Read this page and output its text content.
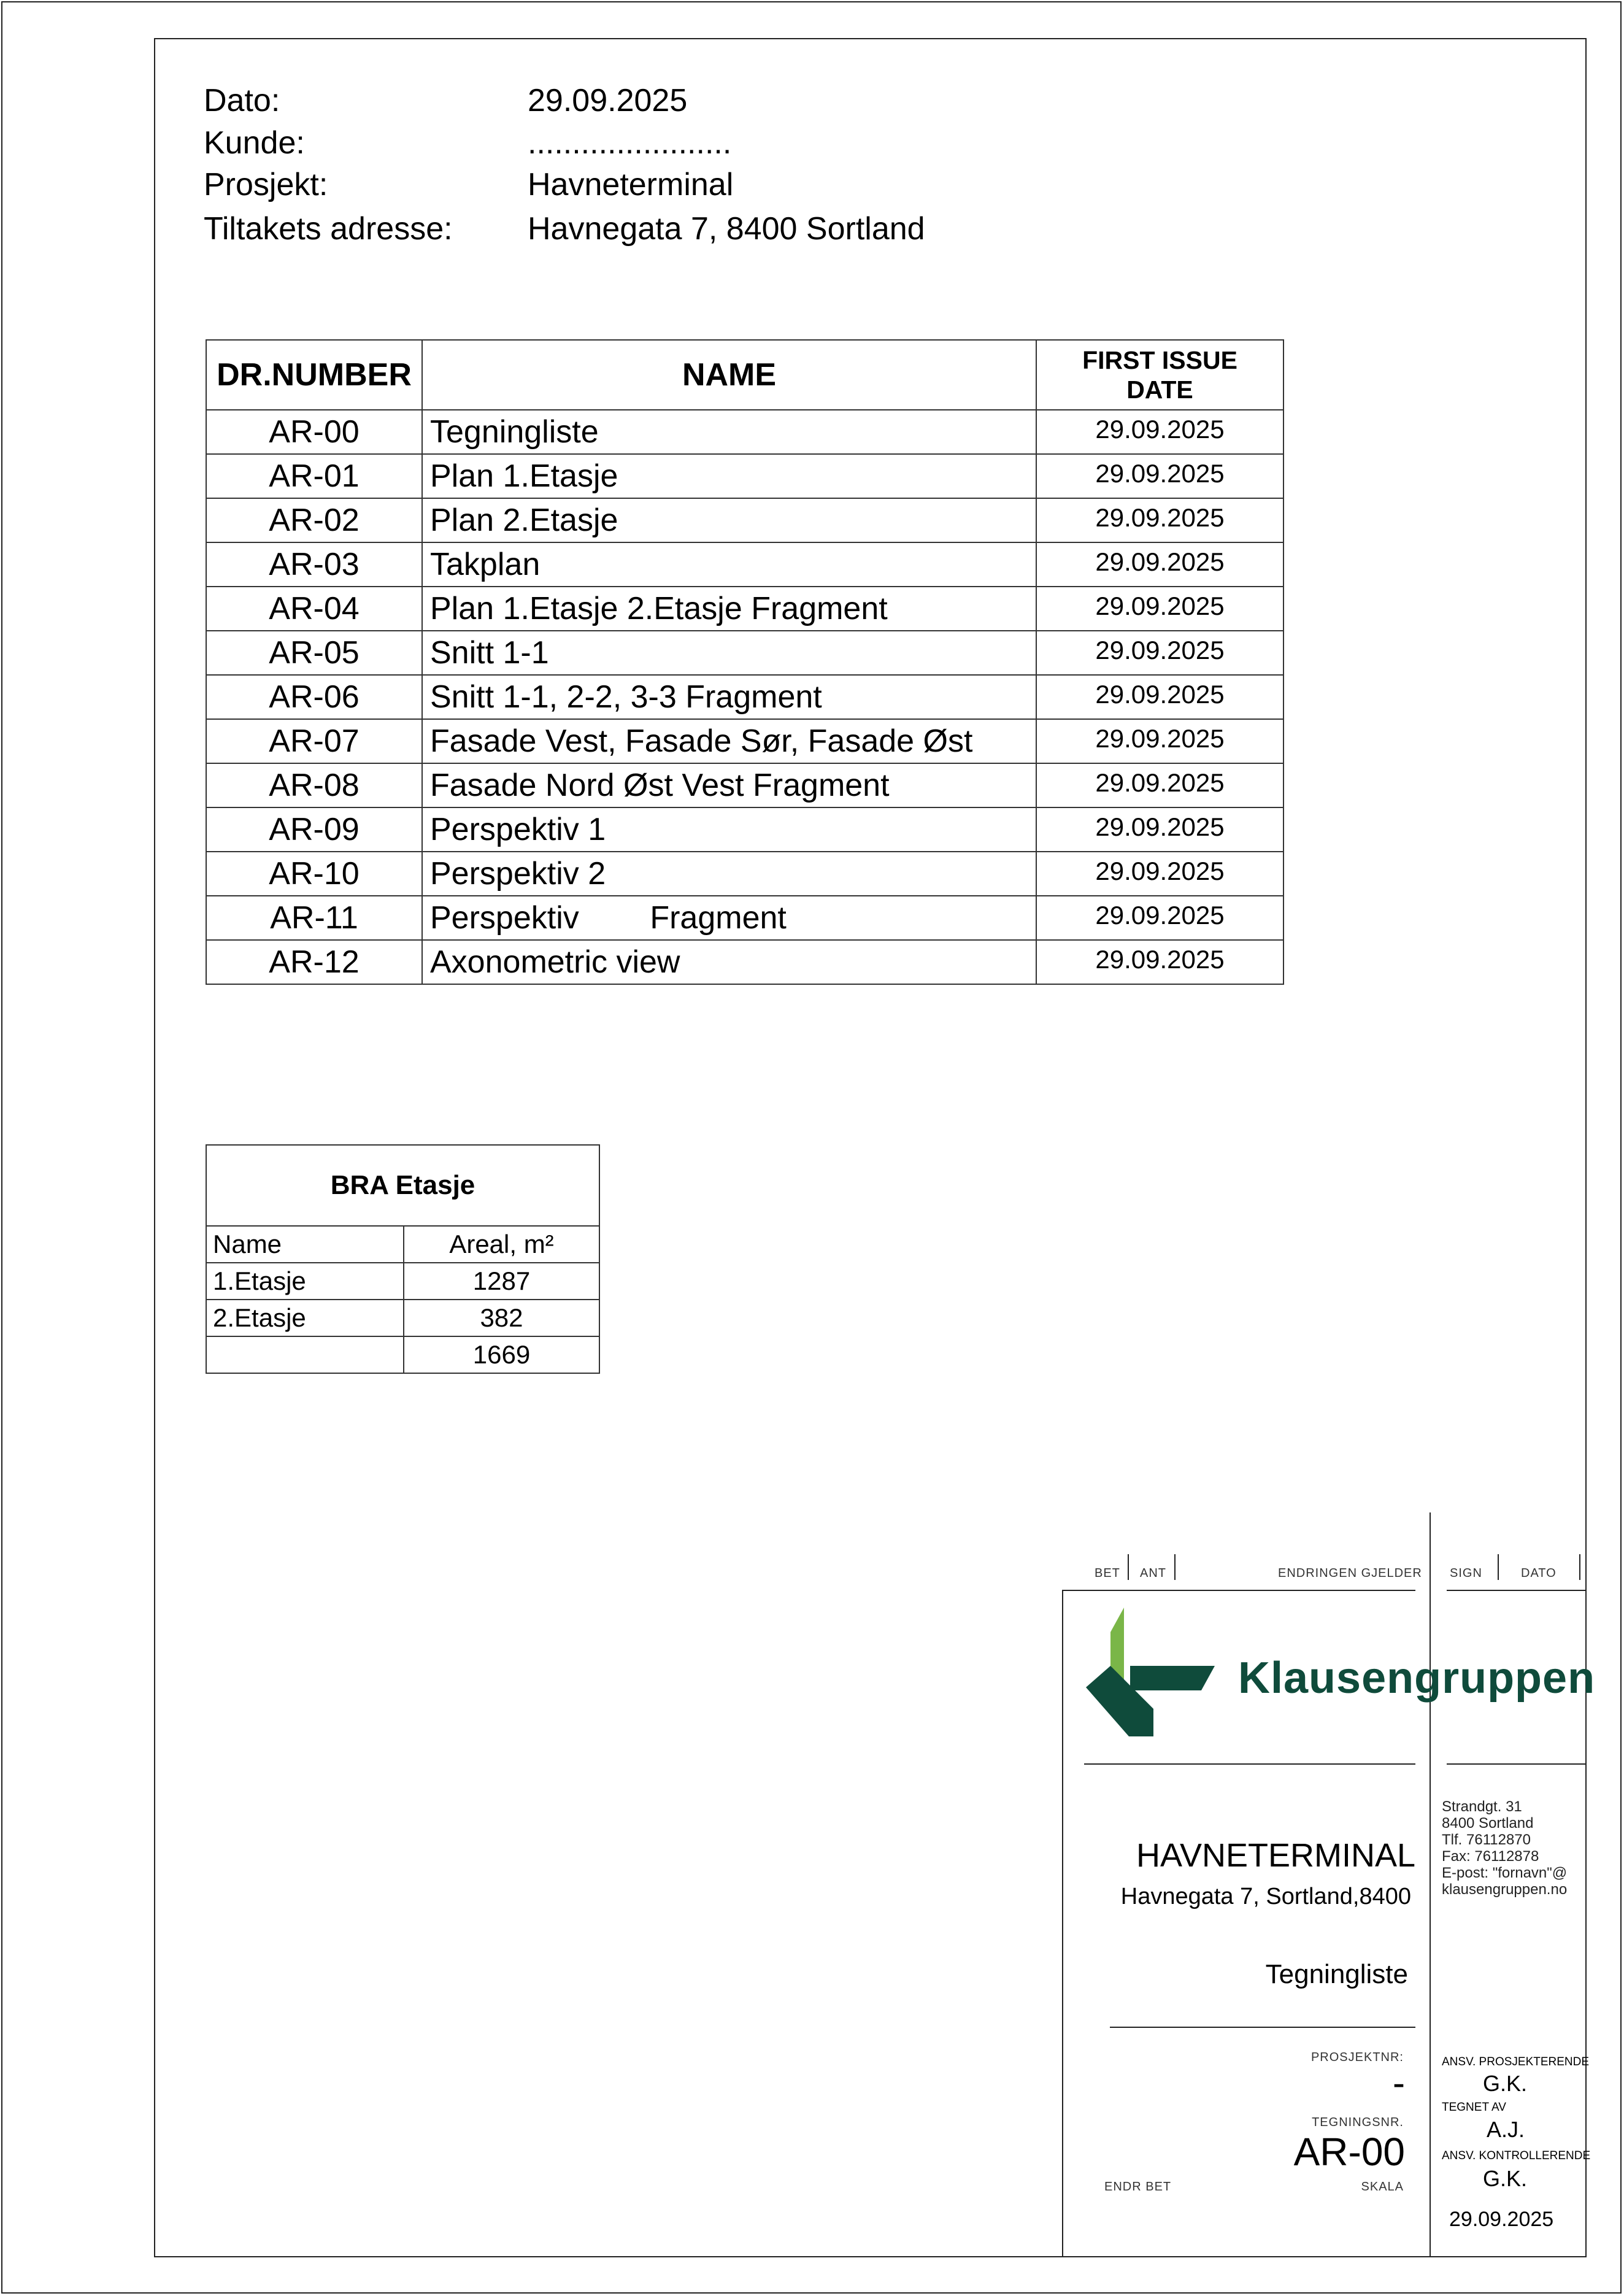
Dato:	29.09.2025
Kunde:	.......................
Prosjekt:	Havneterminal
Tiltakets adresse: Havnegata 7, 8400 Sortland
DR.NUMBER	NAME	FIRST ISSUE
DATE

AR-00	Tegningliste	29.09.2025
AR-01	Plan 1.Etasje	29.09.2025
AR-02	Plan 2.Etasje	29.09.2025
AR-03	Takplan	29.09.2025
AR-04	Plan 1.Etasje 2.Etasje Fragment	29.09.2025
AR-05	Snitt 1-1	29.09.2025
AR-06	Snitt 1-1, 2-2, 3-3 Fragment	29.09.2025
AR-07	Fasade Vest, Fasade Sør, Fasade Øst	29.09.2025
AR-08	Fasade Nord Øst Vest Fragment	29.09.2025
AR-09	Perspektiv 1	29.09.2025
AR-10	Perspektiv 2	29.09.2025
AR-11	Perspektiv        Fragment	29.09.2025
AR-12	Axonometric view	29.09.2025
BRA Etasje	
Name	Areal, m²
1.Etasje	1287
2.Etasje	382
	1669
BET ANT	ENDRINGEN GJELDER SIGN	DATO
Klausengruppen
HAVNETERMINAL
Havnegata 7, Sortland,8400
Tegningliste
Strandgt. 31
8400 Sortland
Tlf. 76112870
Fax: 76112878
E-post: "fornavn"@
klausengruppen.no
PROSJEKTNR:
-
TEGNINGSNR.
AR-00
ENDR BET	SKALA
ANSV. PROSJEKTERENDE
G.K.
TEGNET AV
A.J.
ANSV. KONTROLLERENDE
G.K.
29.09.2025
